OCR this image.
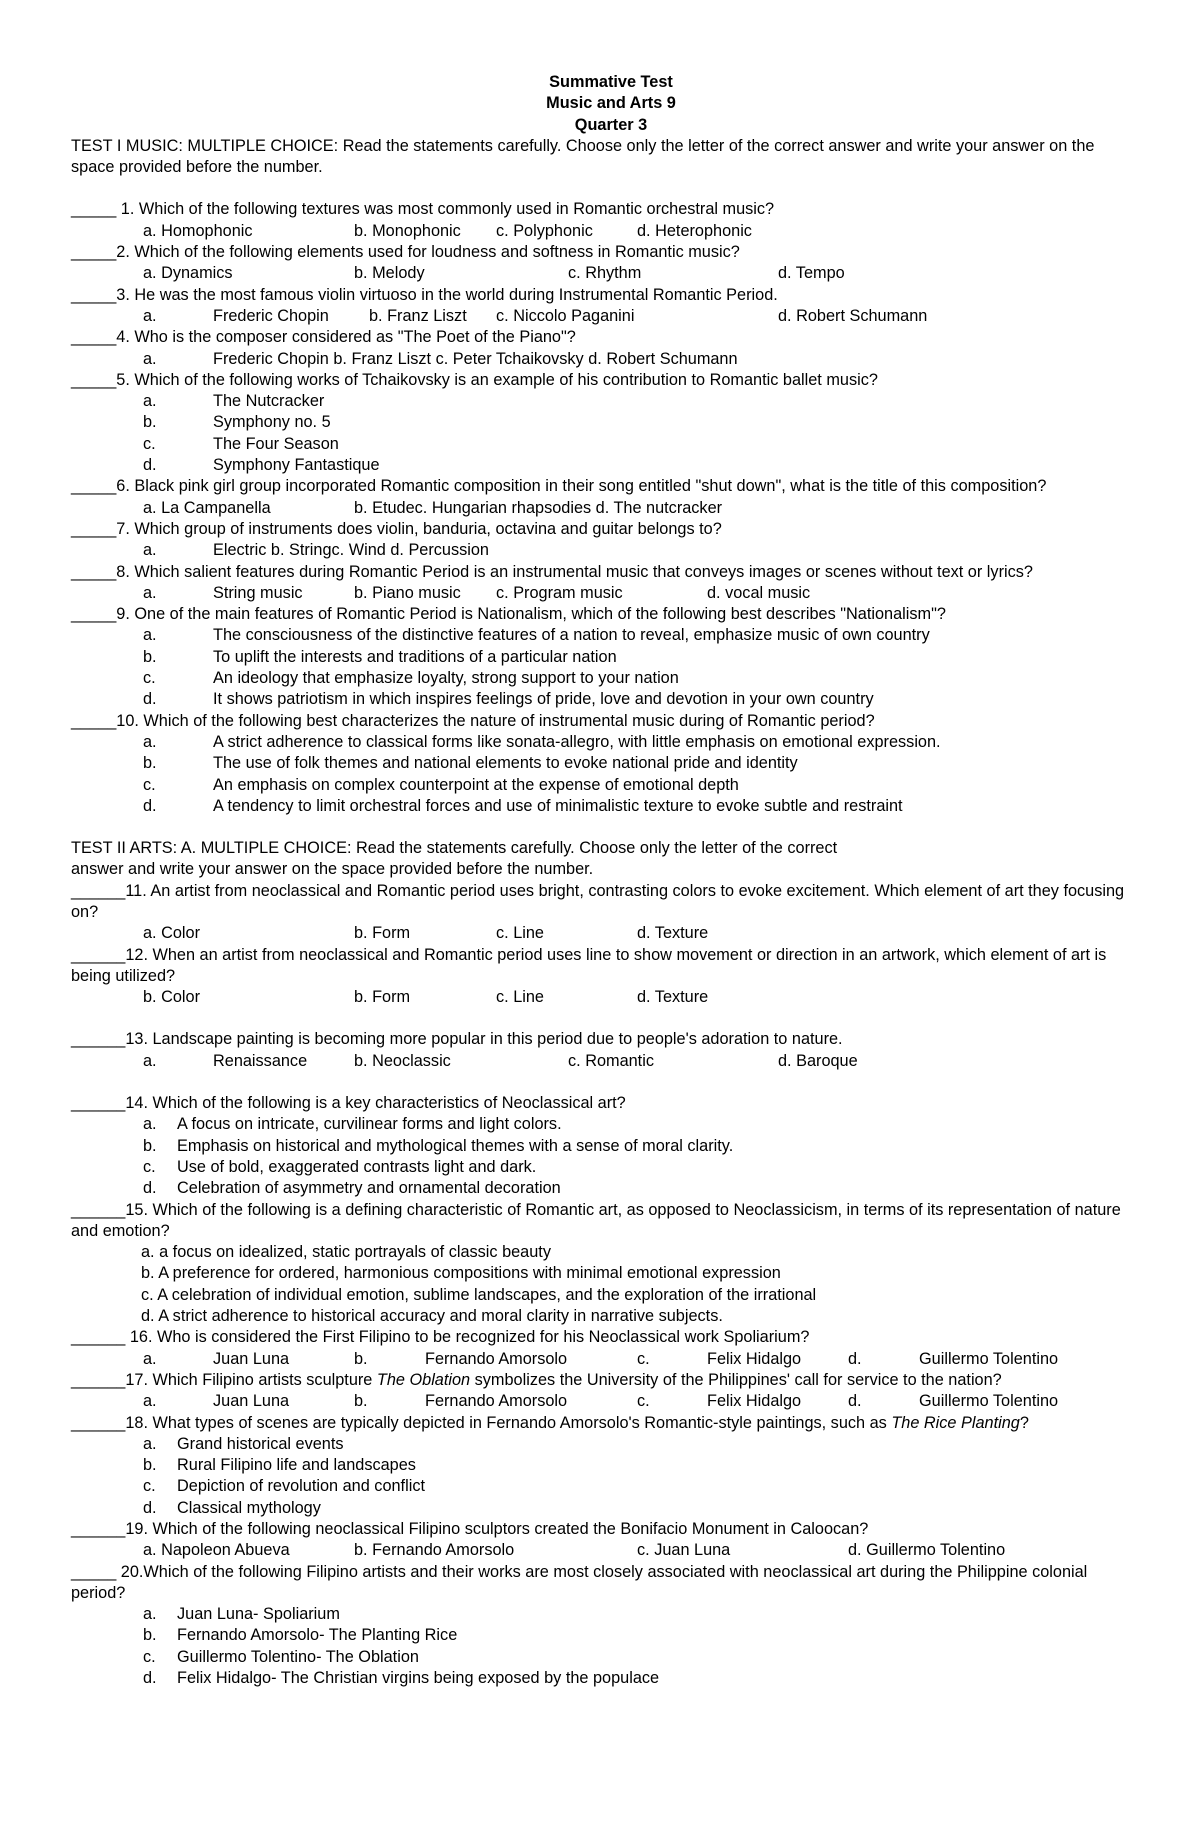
Summative Test
Music and Arts 9
Quarter 3
TEST I MUSIC: MULTIPLE CHOICE: Read the statements carefully. Choose only the letter of the correct answer and write your answer on the space provided before the number.
_____ 1. Which of the following textures was most commonly used in Romantic orchestral music?
a. Homophonic	b. Monophonic c. Polyphonic	d. Heterophonic
_____2. Which of the following elements used for loudness and softness in Romantic music?
a. Dynamics	b. Melody	c. Rhythm	d. Tempo
_____3. He was the most famous violin virtuoso in the world during Instrumental Romantic Period.
a.	Frederic Chopin b. Franz Liszt c. Niccolo Paganini	d. Robert Schumann
_____4. Who is the composer considered as "The Poet of the Piano"?
a.	Frederic Chopin b. Franz Liszt c. Peter Tchaikovsky d. Robert Schumann
_____5. Which of the following works of Tchaikovsky is an example of his contribution to Romantic ballet music?
a.	The Nutcracker
b.	Symphony no. 5
c.	The Four Season
d.	Symphony Fantastique
_____6. Black pink girl group incorporated Romantic composition in their song entitled "shut down", what is the title of this composition?
a. La Campanella	b. Etudec. Hungarian rhapsodies d. The nutcracker
_____7. Which group of instruments does violin, banduria, octavina and guitar belongs to?
a.	Electric b. Stringc. Wind d. Percussion
_____8. Which salient features during Romantic Period is an instrumental music that conveys images or scenes without text or lyrics?
a.	String music	b. Piano music c. Program music	d. vocal music
_____9. One of the main features of Romantic Period is Nationalism, which of the following best describes "Nationalism"?
a.	The consciousness of the distinctive features of a nation to reveal, emphasize music of own country
b.	To uplift the interests and traditions of a particular nation
c.	An ideology that emphasize loyalty, strong support to your nation
d.	It shows patriotism in which inspires feelings of pride, love and devotion in your own country
_____10. Which of the following best characterizes the nature of instrumental music during of Romantic period?
a.	A strict adherence to classical forms like sonata-allegro, with little emphasis on emotional expression.
b.	The use of folk themes and national elements to evoke national pride and identity
c.	An emphasis on complex counterpoint at the expense of emotional depth
d.	A tendency to limit orchestral forces and use of minimalistic texture to evoke subtle and restraint
TEST II ARTS: A. MULTIPLE CHOICE: Read the statements carefully. Choose only the letter of the correct
answer and write your answer on the space provided before the number.
______11. An artist from neoclassical and Romantic period uses bright, contrasting colors to evoke excitement. Which element of art they focusing on?
a. Color	b. Form	c. Line	d. Texture
______12. When an artist from neoclassical and Romantic period uses line to show movement or direction in an artwork, which element of art is being utilized?
b. Color	b. Form	c. Line	d. Texture
______13. Landscape painting is becoming more popular in this period due to people's adoration to nature.
a.	Renaissance	b. Neoclassic	c. Romantic	d. Baroque
______14. Which of the following is a key characteristics of Neoclassical art?
a. A focus on intricate, curvilinear forms and light colors.
b. Emphasis on historical and mythological themes with a sense of moral clarity.
c. Use of bold, exaggerated contrasts light and dark.
d. Celebration of asymmetry and ornamental decoration
______15. Which of the following is a defining characteristic of Romantic art, as opposed to Neoclassicism, in terms of its representation of nature and emotion?
a. a focus on idealized, static portrayals of classic beauty
b. A preference for ordered, harmonious compositions with minimal emotional expression
c. A celebration of individual emotion, sublime landscapes, and the exploration of the irrational
d. A strict adherence to historical accuracy and moral clarity in narrative subjects.
______ 16. Who is considered the First Filipino to be recognized for his Neoclassical work Spoliarium?
a.	Juan Luna	b.	Fernando Amorsolo	c.	Felix Hidalgo	d.	Guillermo Tolentino
______17. Which Filipino artists sculpture The Oblation symbolizes the University of the Philippines' call for service to the nation?
a.	Juan Luna	b.	Fernando Amorsolo	c.	Felix Hidalgo	d.	Guillermo Tolentino
______18. What types of scenes are typically depicted in Fernando Amorsolo's Romantic-style paintings, such as The Rice Planting?
a. Grand historical events
b. Rural Filipino life and landscapes
c. Depiction of revolution and conflict
d. Classical mythology
______19. Which of the following neoclassical Filipino sculptors created the Bonifacio Monument in Caloocan?
a. Napoleon Abueva	b. Fernando Amorsolo	c. Juan Luna	d. Guillermo Tolentino
_____ 20.Which of the following Filipino artists and their works are most closely associated with neoclassical art during the Philippine colonial period?
a. Juan Luna- Spoliarium
b. Fernando Amorsolo- The Planting Rice
c. Guillermo Tolentino- The Oblation
d. Felix Hidalgo- The Christian virgins being exposed by the populace
